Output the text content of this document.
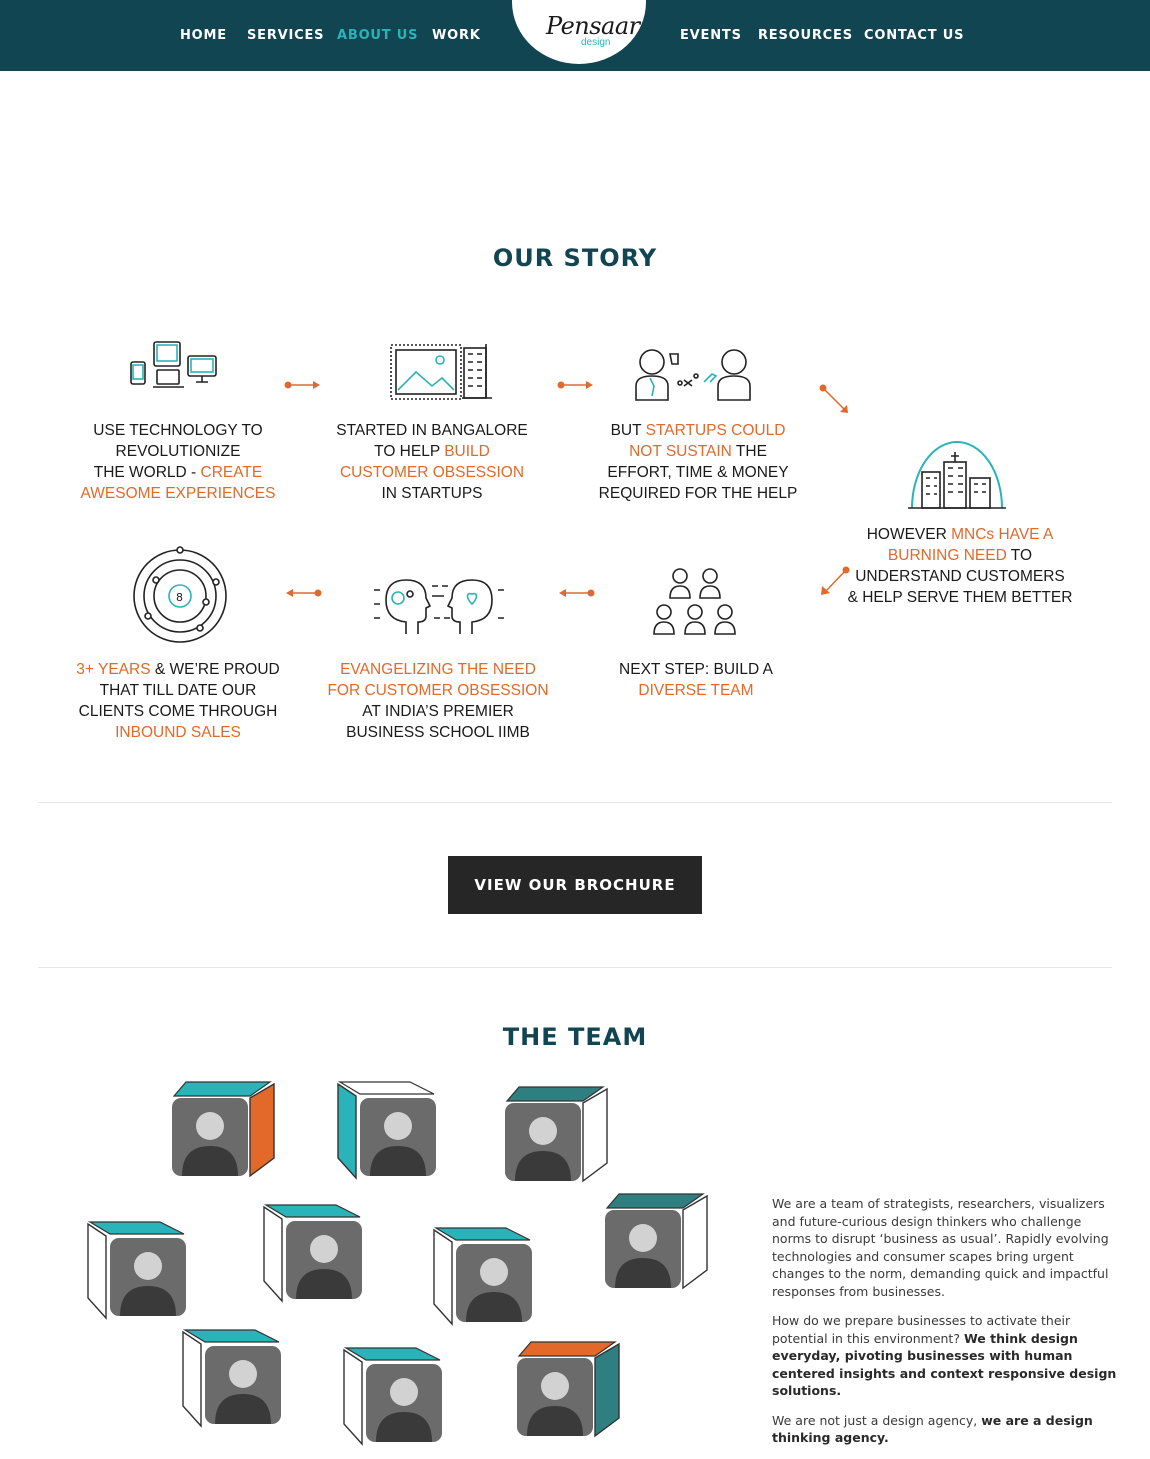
HOME SERVICES ABOUT US WORK	EVENTS RESOURCES CONTACT US
Pensaar
design
OUR STORY
8
USE TECHNOLOGY TO
REVOLUTIONIZE
THE WORLD - CREATE
AWESOME EXPERIENCES
STARTED IN BANGALORE
TO HELP BUILD
CUSTOMER OBSESSION
IN STARTUPS
BUT STARTUPS COULD
NOT SUSTAIN THE
EFFORT, TIME & MONEY
REQUIRED FOR THE HELP
HOWEVER MNCs HAVE A
BURNING NEED TO
UNDERSTAND CUSTOMERS
& HELP SERVE THEM BETTER
NEXT STEP: BUILD A
DIVERSE TEAM
EVANGELIZING THE NEED
FOR CUSTOMER OBSESSION
AT INDIA’S PREMIER
BUSINESS SCHOOL IIMB
3+ YEARS & WE’RE PROUD
THAT TILL DATE OUR
CLIENTS COME THROUGH
INBOUND SALES
VIEW OUR BROCHURE
THE TEAM

We are a team of strategists, researchers, visualizers and future-curious design thinkers who challenge norms to disrupt ‘business as usual’. Rapidly evolving technologies and consumer scapes bring urgent changes to the norm, demanding quick and impactful responses from businesses.

How do we prepare businesses to activate their potential in this environment? We think design everyday, pivoting businesses with human centered insights and context responsive design solutions.

We are not just a design agency, we are a design thinking agency.
